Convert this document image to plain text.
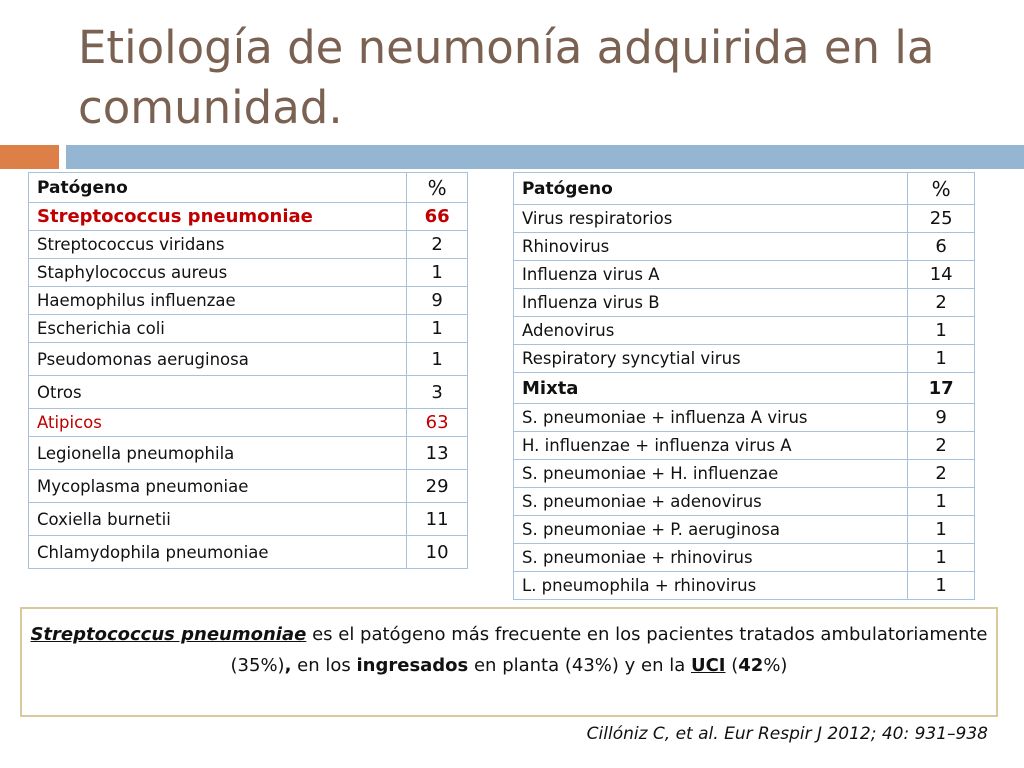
Etiología de neumonía adquirida en la comunidad.
Patógeno	%
Streptococcus pneumoniae	66
Streptococcus viridans	2
Staphylococcus aureus	1
Haemophilus influenzae	9
Escherichia coli	1
Pseudomonas aeruginosa	1
Otros	3
Atipicos	63
Legionella pneumophila	13
Mycoplasma pneumoniae	29
Coxiella burnetii	11
Chlamydophila pneumoniae	10
Patógeno	%
Virus respiratorios	25
Rhinovirus	6
Influenza virus A	14
Influenza virus B	2
Adenovirus	1
Respiratory syncytial virus	1
Mixta	17
S. pneumoniae + influenza A virus	9
H. influenzae + influenza virus A	2
S. pneumoniae + H. influenzae	2
S. pneumoniae + adenovirus	1
S. pneumoniae + P. aeruginosa	1
S. pneumoniae + rhinovirus	1
L. pneumophila + rhinovirus	1
Streptococcus pneumoniae es el patógeno más frecuente en los pacientes tratados ambulatoriamente (35%), en los ingresados en planta (43%) y en la UCI (42%)
Cillóniz C, et al. Eur Respir J 2012; 40: 931–938
